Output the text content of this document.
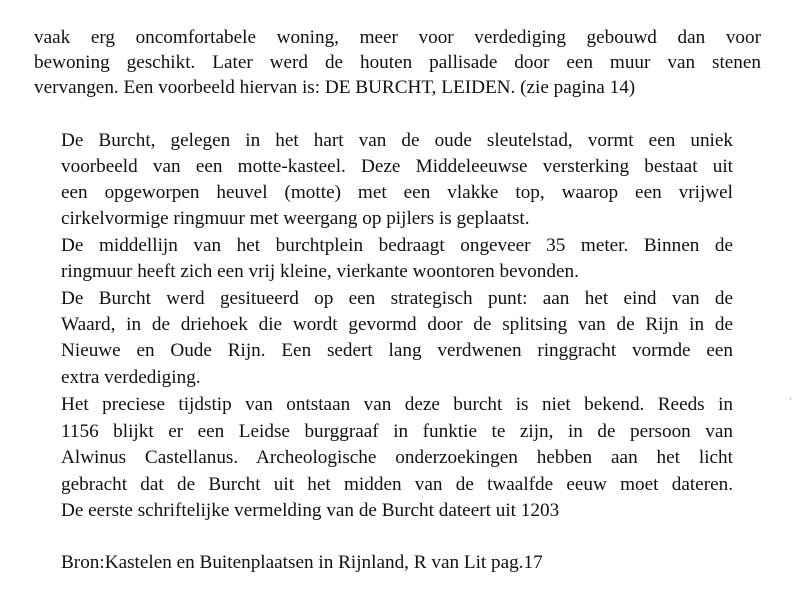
vaak erg oncomfortabele woning, meer voor verdediging gebouwd dan voor

bewoning geschikt. Later werd de houten pallisade door een muur van stenen

vervangen. Een voorbeeld hiervan is: DE BURCHT, LEIDEN. (zie pagina 14)

De Burcht, gelegen in het hart van de oude sleutelstad, vormt een uniek

voorbeeld van een motte-kasteel. Deze Middeleeuwse versterking bestaat uit

een opgeworpen heuvel (motte) met een vlakke top, waarop een vrijwel

cirkelvormige ringmuur met weergang op pijlers is geplaatst.

De middellijn van het burchtplein bedraagt ongeveer 35 meter. Binnen de

ringmuur heeft zich een vrij kleine, vierkante woontoren bevonden.

De Burcht werd gesitueerd op een strategisch punt: aan het eind van de

Waard, in de driehoek die wordt gevormd door de splitsing van de Rijn in de

Nieuwe en Oude Rijn. Een sedert lang verdwenen ringgracht vormde een

extra verdediging.

Het preciese tijdstip van ontstaan van deze burcht is niet bekend. Reeds in

1156 blijkt er een Leidse burggraaf in funktie te zijn, in de persoon van

Alwinus Castellanus. Archeologische onderzoekingen hebben aan het licht

gebracht dat de Burcht uit het midden van de twaalfde eeuw moet dateren.

De eerste schriftelijke vermelding van de Burcht dateert uit 1203

Bron:Kastelen en Buitenplaatsen in Rijnland, R van Lit pag.17

ʼ
